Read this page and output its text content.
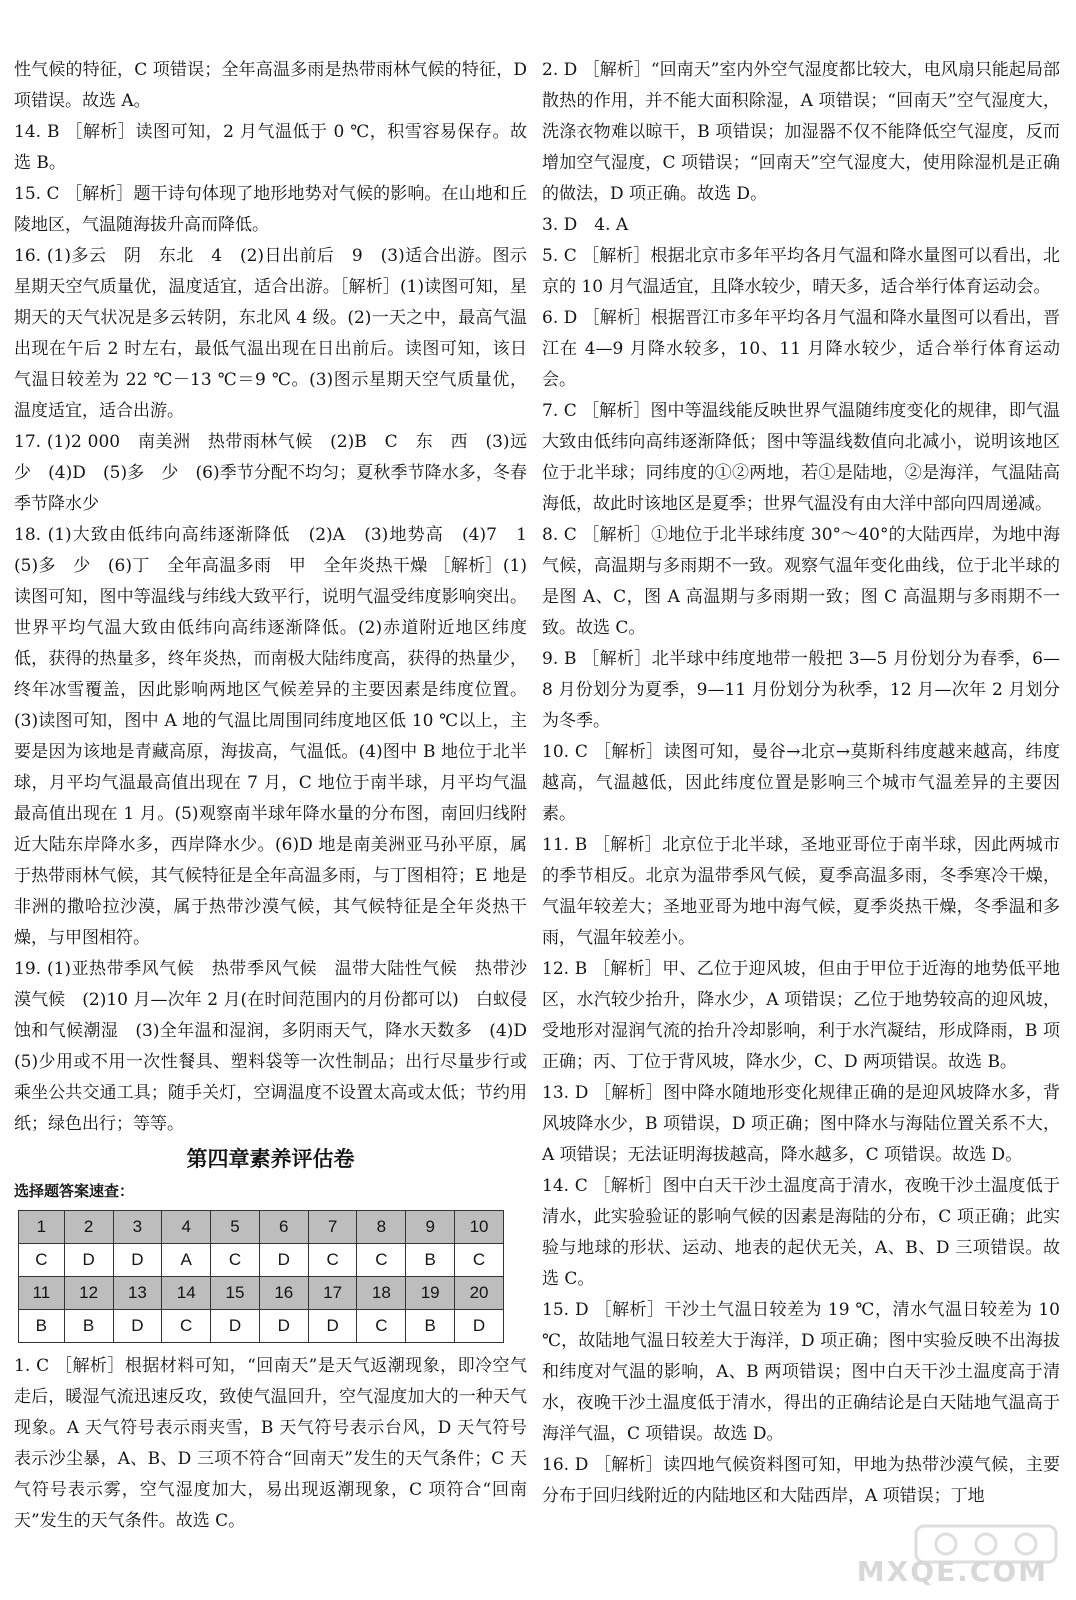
性气候的特征，C 项错误；全年高温多雨是热带雨林气候的特征，D 项错误。故选 A。

14. B ［解析］读图可知，2 月气温低于 0 ℃，积雪容易保存。故选 B。

15. C ［解析］题干诗句体现了地形地势对气候的影响。在山地和丘陵地区，气温随海拔升高而降低。

16. (1)多云　阴　东北　4　(2)日出前后　9　(3)适合出游。图示星期天空气质量优，温度适宜，适合出游。［解析］(1)读图可知，星期天的天气状况是多云转阴，东北风 4 级。(2)一天之中，最高气温出现在午后 2 时左右，最低气温出现在日出前后。读图可知，该日气温日较差为 22 ℃－13 ℃＝9 ℃。(3)图示星期天空气质量优，温度适宜，适合出游。

17. (1)2 000　南美洲　热带雨林气候　(2)B　C　东　西　(3)远　少　(4)D　(5)多　少　(6)季节分配不均匀；夏秋季节降水多，冬春季节降水少

18. (1)大致由低纬向高纬逐渐降低　(2)A　(3)地势高　(4)7　1　(5)多　少　(6)丁　全年高温多雨　甲　全年炎热干燥 ［解析］(1)读图可知，图中等温线与纬线大致平行，说明气温受纬度影响突出。世界平均气温大致由低纬向高纬逐渐降低。(2)赤道附近地区纬度低，获得的热量多，终年炎热，而南极大陆纬度高，获得的热量少，终年冰雪覆盖，因此影响两地区气候差异的主要因素是纬度位置。(3)读图可知，图中 A 地的气温比周围同纬度地区低 10 ℃以上，主要是因为该地是青藏高原，海拔高，气温低。(4)图中 B 地位于北半球，月平均气温最高值出现在 7 月，C 地位于南半球，月平均气温最高值出现在 1 月。(5)观察南半球年降水量的分布图，南回归线附近大陆东岸降水多，西岸降水少。(6)D 地是南美洲亚马孙平原，属于热带雨林气候，其气候特征是全年高温多雨，与丁图相符；E 地是非洲的撒哈拉沙漠，属于热带沙漠气候，其气候特征是全年炎热干燥，与甲图相符。

19. (1)亚热带季风气候　热带季风气候　温带大陆性气候　热带沙漠气候　(2)10 月—次年 2 月(在时间范围内的月份都可以)　白蚁侵蚀和气候潮湿　(3)全年温和湿润，多阴雨天气，降水天数多　(4)D　(5)少用或不用一次性餐具、塑料袋等一次性制品；出行尽量步行或乘坐公共交通工具；随手关灯，空调温度不设置太高或太低；节约用纸；绿色出行；等等。

第四章素养评估卷
选择题答案速查：
1	2	3	4	5	6	7	8	9	10
C	D	D	A	C	D	C	C	B	C
11	12	13	14	15	16	17	18	19	20
B	B	D	C	D	D	D	C	B	D

1. C ［解析］根据材料可知，“回南天”是天气返潮现象，即冷空气走后，暖湿气流迅速反攻，致使气温回升，空气湿度加大的一种天气现象。A 天气符号表示雨夹雪，B 天气符号表示台风，D 天气符号表示沙尘暴，A、B、D 三项不符合“回南天”发生的天气条件；C 天气符号表示雾，空气湿度加大，易出现返潮现象，C 项符合“回南天”发生的天气条件。故选 C。

2. D ［解析］“回南天”室内外空气湿度都比较大，电风扇只能起局部散热的作用，并不能大面积除湿，A 项错误；“回南天”空气湿度大，洗涤衣物难以晾干，B 项错误；加湿器不仅不能降低空气湿度，反而增加空气湿度，C 项错误；“回南天”空气湿度大，使用除湿机是正确的做法，D 项正确。故选 D。

3. D　4. A

5. C ［解析］根据北京市多年平均各月气温和降水量图可以看出，北京的 10 月气温适宜，且降水较少，晴天多，适合举行体育运动会。

6. D ［解析］根据晋江市多年平均各月气温和降水量图可以看出，晋江在 4—9 月降水较多，10、11 月降水较少，适合举行体育运动会。

7. C ［解析］图中等温线能反映世界气温随纬度变化的规律，即气温大致由低纬向高纬逐渐降低；图中等温线数值向北减小，说明该地区位于北半球；同纬度的①②两地，若①是陆地，②是海洋，气温陆高海低，故此时该地区是夏季；世界气温没有由大洋中部向四周递减。

8. C ［解析］①地位于北半球纬度 30°～40°的大陆西岸，为地中海气候，高温期与多雨期不一致。观察气温年变化曲线，位于北半球的是图 A、C，图 A 高温期与多雨期一致；图 C 高温期与多雨期不一致。故选 C。

9. B ［解析］北半球中纬度地带一般把 3—5 月份划分为春季，6—8 月份划分为夏季，9—11 月份划分为秋季，12 月—次年 2 月划分为冬季。

10. C ［解析］读图可知，曼谷→北京→莫斯科纬度越来越高，纬度越高，气温越低，因此纬度位置是影响三个城市气温差异的主要因素。

11. B ［解析］北京位于北半球，圣地亚哥位于南半球，因此两城市的季节相反。北京为温带季风气候，夏季高温多雨，冬季寒冷干燥，气温年较差大；圣地亚哥为地中海气候，夏季炎热干燥，冬季温和多雨，气温年较差小。

12. B ［解析］甲、乙位于迎风坡，但由于甲位于近海的地势低平地区，水汽较少抬升，降水少，A 项错误；乙位于地势较高的迎风坡，受地形对湿润气流的抬升冷却影响，利于水汽凝结，形成降雨，B 项正确；丙、丁位于背风坡，降水少，C、D 两项错误。故选 B。

13. D ［解析］图中降水随地形变化规律正确的是迎风坡降水多，背风坡降水少，B 项错误，D 项正确；图中降水与海陆位置关系不大，A 项错误；无法证明海拔越高，降水越多，C 项错误。故选 D。

14. C ［解析］图中白天干沙土温度高于清水，夜晚干沙土温度低于清水，此实验验证的影响气候的因素是海陆的分布，C 项正确；此实验与地球的形状、运动、地表的起伏无关，A、B、D 三项错误。故选 C。

15. D ［解析］干沙土气温日较差为 19 ℃，清水气温日较差为 10 ℃，故陆地气温日较差大于海洋，D 项正确；图中实验反映不出海拔和纬度对气温的影响，A、B 两项错误；图中白天干沙土温度高于清水，夜晚干沙土温度低于清水，得出的正确结论是白天陆地气温高于海洋气温，C 项错误。故选 D。

16. D ［解析］读四地气候资料图可知，甲地为热带沙漠气候，主要分布于回归线附近的内陆地区和大陆西岸，A 项错误；丁地

MXQE.COM
